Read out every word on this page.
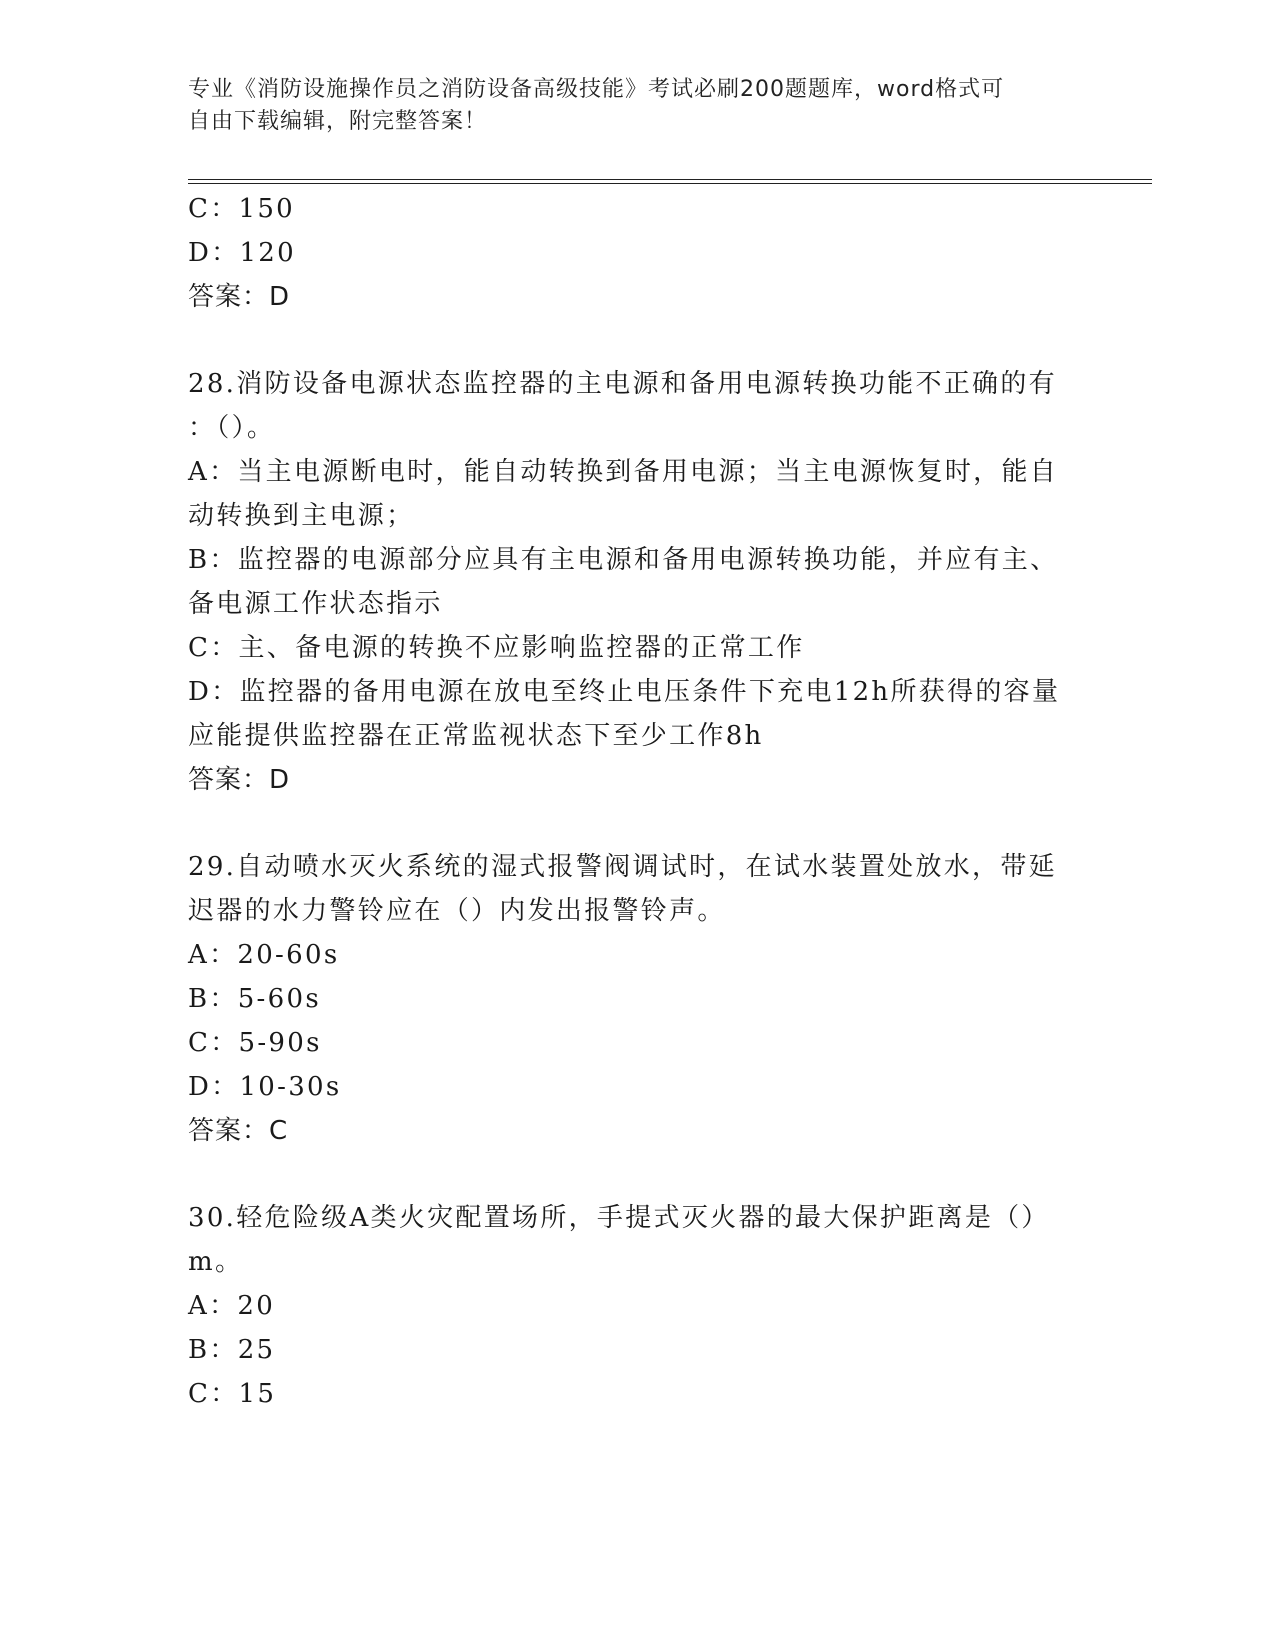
专业《消防设施操作员之消防设备高级技能》考试必刷200题题库，word格式可
自由下载编辑，附完整答案！
C：150
D：120
答案：D
28.消防设备电源状态监控器的主电源和备用电源转换功能不正确的有
：（）。
A：当主电源断电时，能自动转换到备用电源；当主电源恢复时，能自
动转换到主电源；
B：监控器的电源部分应具有主电源和备用电源转换功能，并应有主、
备电源工作状态指示
C：主、备电源的转换不应影响监控器的正常工作
D：监控器的备用电源在放电至终止电压条件下充电12h所获得的容量
应能提供监控器在正常监视状态下至少工作8h
答案：D
29.自动喷水灭火系统的湿式报警阀调试时，在试水装置处放水，带延
迟器的水力警铃应在（）内发出报警铃声。
A：20-60s
B：5-60s
C：5-90s
D：10-30s
答案：C
30.轻危险级A类火灾配置场所，手提式灭火器的最大保护距离是（）
m。
A：20
B：25
C：15
